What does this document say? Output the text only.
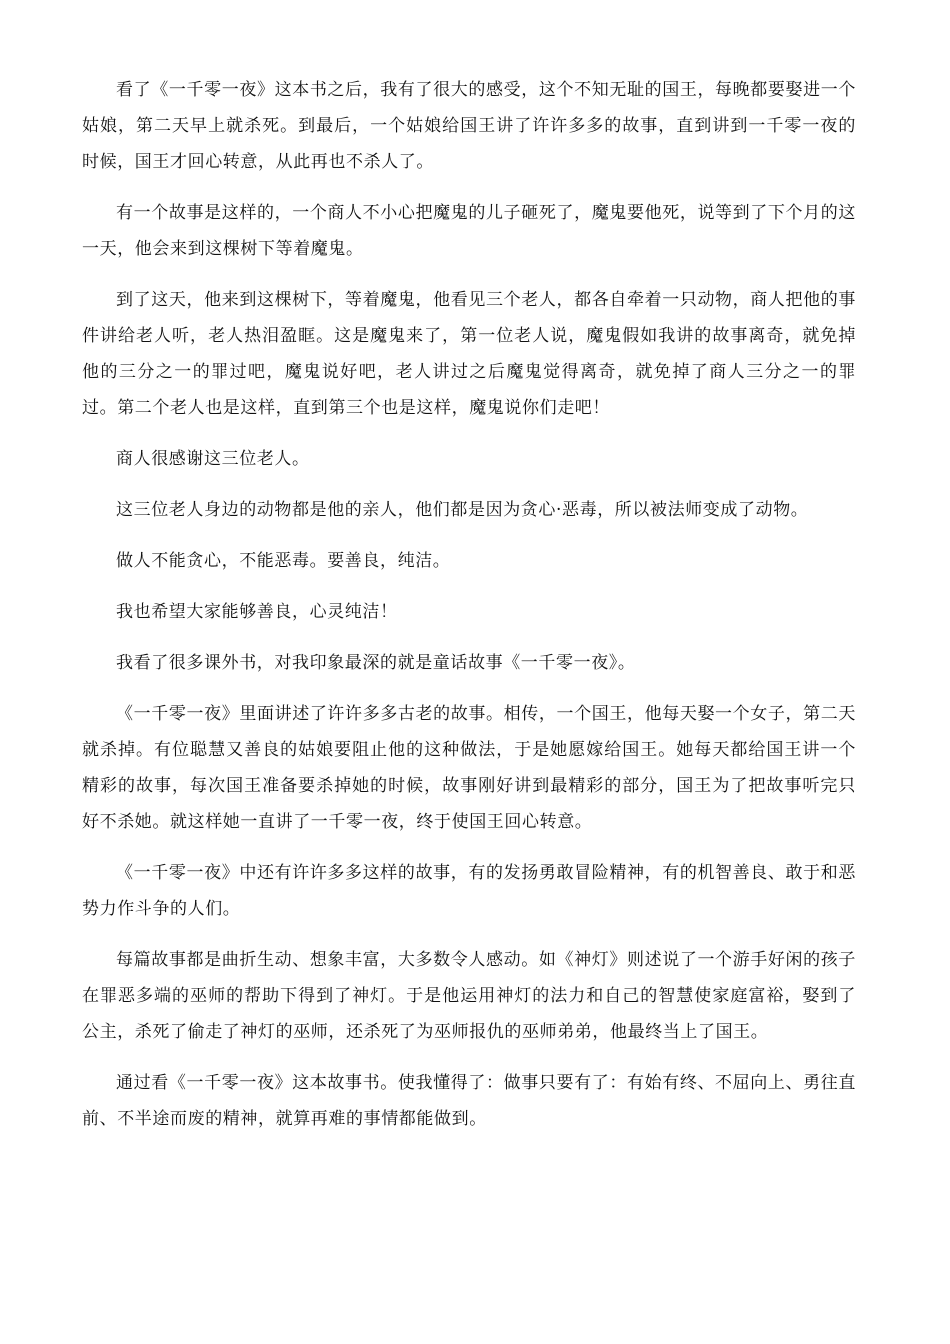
看了《一千零一夜》这本书之后，我有了很大的感受，这个不知无耻的国王，每晚都要娶进一个姑娘，第二天早上就杀死。到最后，一个姑娘给国王讲了许许多多的故事，直到讲到一千零一夜的时候，国王才回心转意，从此再也不杀人了。

有一个故事是这样的，一个商人不小心把魔鬼的儿子砸死了，魔鬼要他死，说等到了下个月的这一天，他会来到这棵树下等着魔鬼。

到了这天，他来到这棵树下，等着魔鬼，他看见三个老人，都各自牵着一只动物，商人把他的事件讲给老人听，老人热泪盈眶。这是魔鬼来了，第一位老人说，魔鬼假如我讲的故事离奇，就免掉他的三分之一的罪过吧，魔鬼说好吧，老人讲过之后魔鬼觉得离奇，就免掉了商人三分之一的罪过。第二个老人也是这样，直到第三个也是这样，魔鬼说你们走吧！

商人很感谢这三位老人。

这三位老人身边的动物都是他的亲人，他们都是因为贪心·恶毒，所以被法师变成了动物。

做人不能贪心，不能恶毒。要善良，纯洁。

我也希望大家能够善良，心灵纯洁！

我看了很多课外书，对我印象最深的就是童话故事《一千零一夜》。

《一千零一夜》里面讲述了许许多多古老的故事。相传，一个国王，他每天娶一个女子，第二天就杀掉。有位聪慧又善良的姑娘要阻止他的这种做法，于是她愿嫁给国王。她每天都给国王讲一个精彩的故事，每次国王准备要杀掉她的时候，故事刚好讲到最精彩的部分，国王为了把故事听完只好不杀她。就这样她一直讲了一千零一夜，终于使国王回心转意。

《一千零一夜》中还有许许多多这样的故事，有的发扬勇敢冒险精神，有的机智善良、敢于和恶势力作斗争的人们。

每篇故事都是曲折生动、想象丰富，大多数令人感动。如《神灯》则述说了一个游手好闲的孩子在罪恶多端的巫师的帮助下得到了神灯。于是他运用神灯的法力和自己的智慧使家庭富裕，娶到了公主，杀死了偷走了神灯的巫师，还杀死了为巫师报仇的巫师弟弟，他最终当上了国王。

通过看《一千零一夜》这本故事书。使我懂得了：做事只要有了：有始有终、不屈向上、勇往直前、不半途而废的精神，就算再难的事情都能做到。
